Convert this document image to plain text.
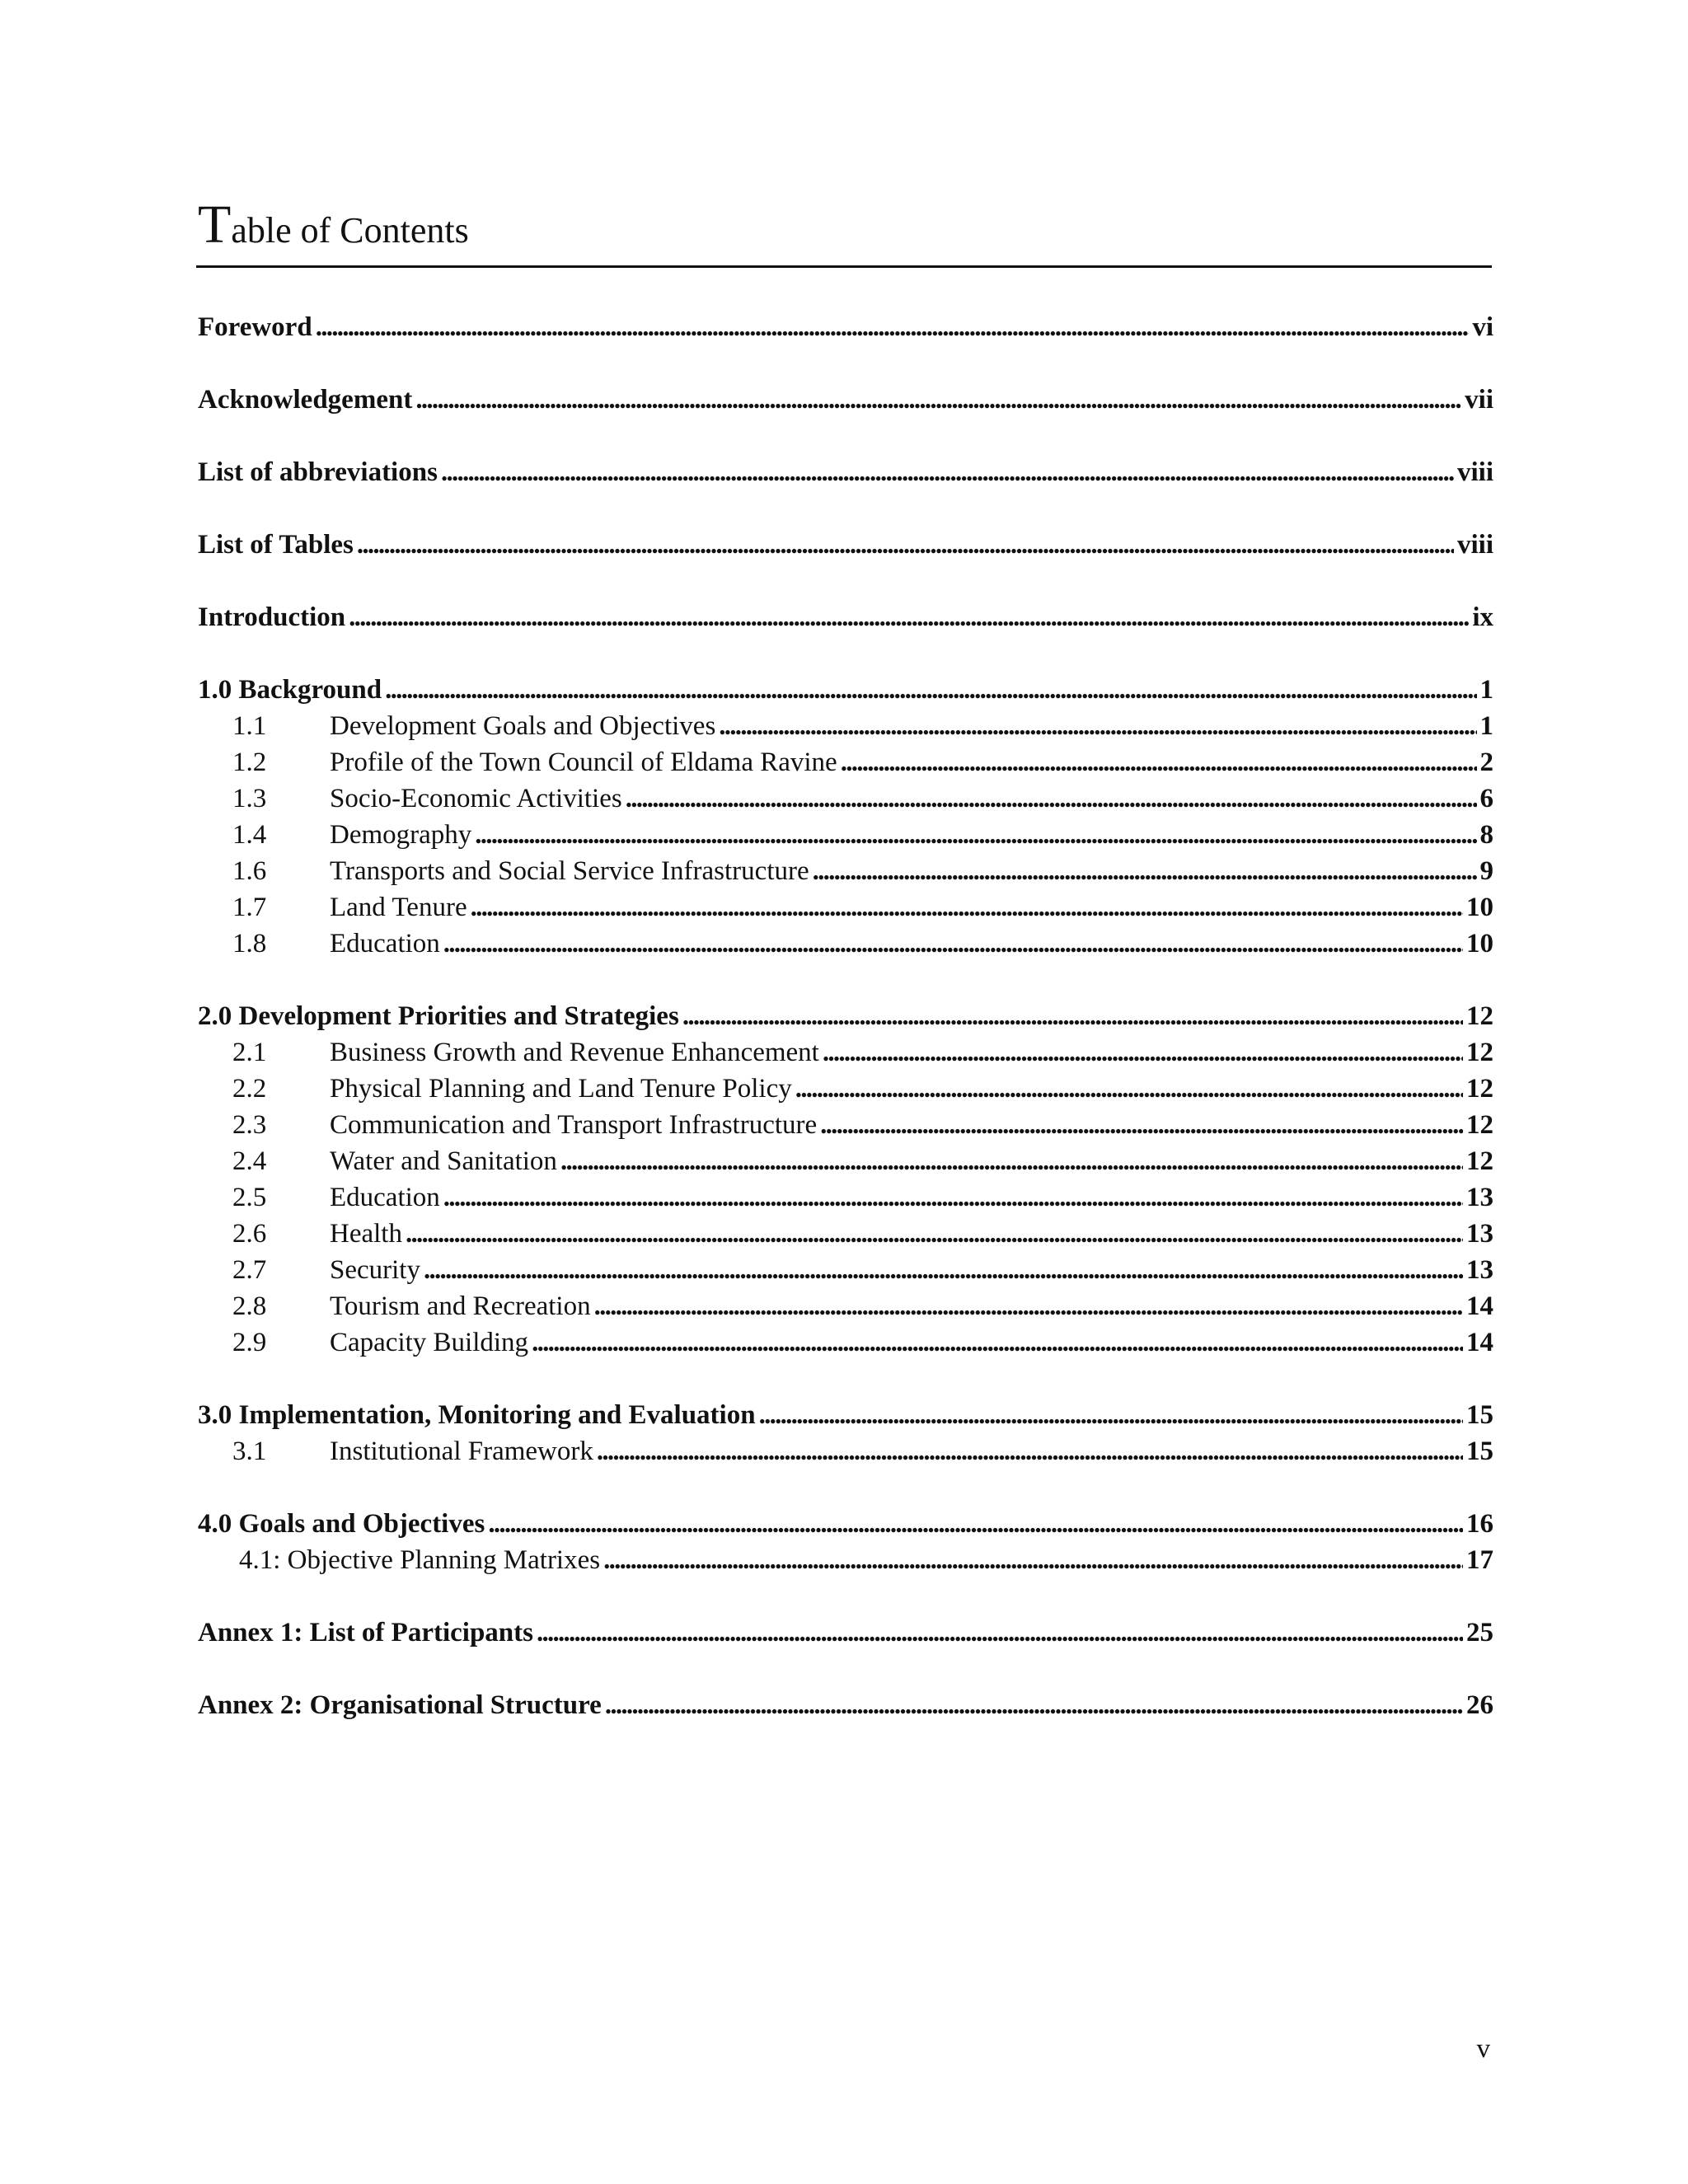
Table of Contents
Foreword . . .	vi
Acknowledgement . . .	vii
List of abbreviations . . .	viii
List of Tables . . .	viii
Introduction . . .	ix
1.0 Background . . .	1
1.1	Development Goals and Objectives . . .	1
1.2	Profile of the Town Council of Eldama Ravine . . .	2
1.3	Socio-Economic Activities . . .	6
1.4	Demography . . .	8
1.6	Transports and Social Service Infrastructure . . .	9
1.7	Land Tenure . . .	10
1.8	Education . . .	10
2.0 Development Priorities and Strategies . . .	12
2.1	Business Growth and Revenue Enhancement . . .	12
2.2	Physical Planning and Land Tenure Policy . . .	12
2.3	Communication and Transport Infrastructure . . .	12
2.4	Water and Sanitation . . .	12
2.5	Education . . .	13
2.6	Health . . .	13
2.7	Security . . .	13
2.8	Tourism and Recreation . . .	14
2.9	Capacity Building . . .	14
3.0 Implementation, Monitoring and Evaluation . . .	15
3.1	Institutional Framework . . .	15
4.0 Goals and Objectives . . .	16
4.1: Objective Planning Matrixes . . .	17
Annex 1: List of Participants . . .	25
Annex 2: Organisational Structure . . .	26
v
